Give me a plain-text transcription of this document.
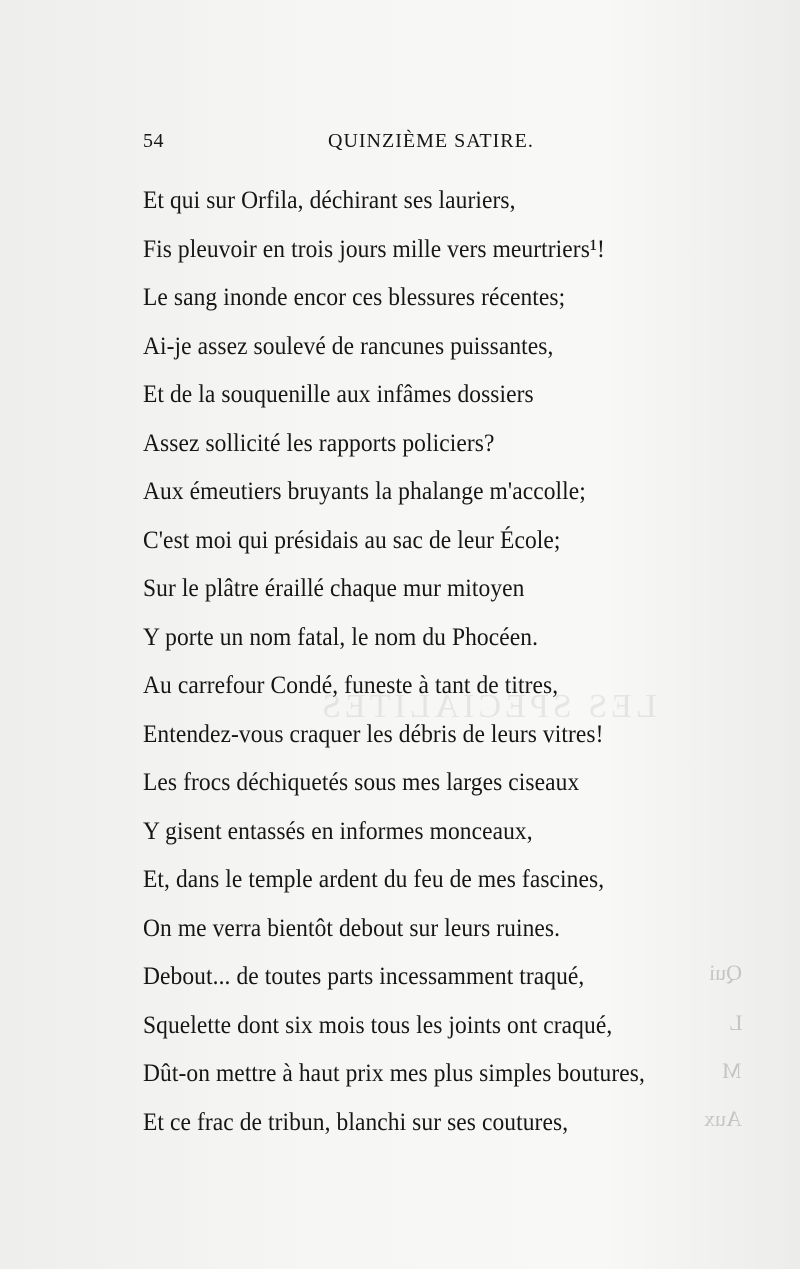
LES SPÉCIALITÉS
Qui
L
M
Aux
54	QUINZIÈME SATIRE.
Et qui sur Orfila, déchirant ses lauriers,
Fis pleuvoir en trois jours mille vers meurtriers¹!
Le sang inonde encor ces blessures récentes;
Ai-je assez soulevé de rancunes puissantes,
Et de la souquenille aux infâmes dossiers
Assez sollicité les rapports policiers?
Aux émeutiers bruyants la phalange m'accolle;
C'est moi qui présidais au sac de leur École;
Sur le plâtre éraillé chaque mur mitoyen
Y porte un nom fatal, le nom du Phocéen.
Au carrefour Condé, funeste à tant de titres,
Entendez-vous craquer les débris de leurs vitres!
Les frocs déchiquetés sous mes larges ciseaux
Y gisent entassés en informes monceaux,
Et, dans le temple ardent du feu de mes fascines,
On me verra bientôt debout sur leurs ruines.
Debout... de toutes parts incessamment traqué,
Squelette dont six mois tous les joints ont craqué,
Dût-on mettre à haut prix mes plus simples boutures,
Et ce frac de tribun, blanchi sur ses coutures,
